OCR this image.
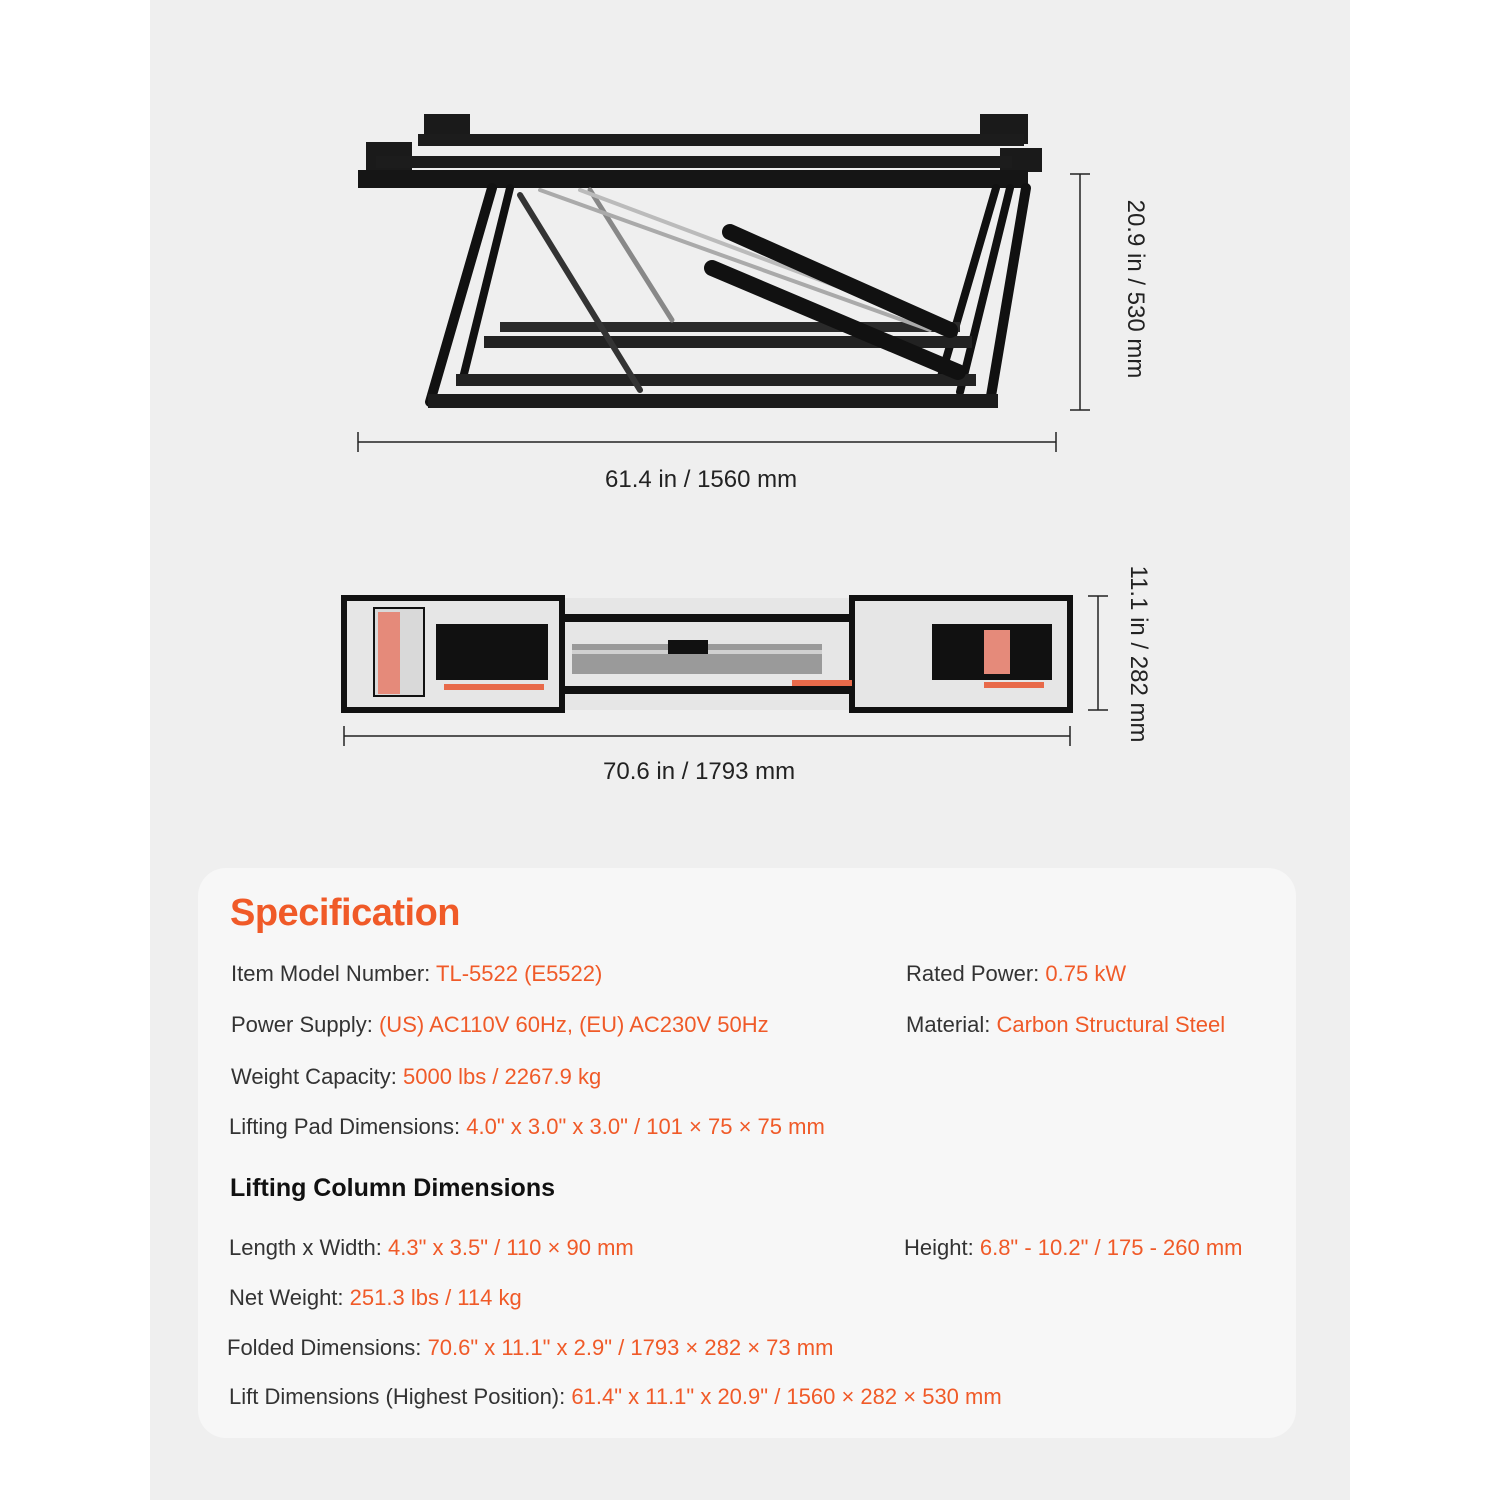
20.9 in / 530 mm
61.4 in / 1560 mm
11.1 in / 282 mm
70.6 in / 1793 mm
Specification
Item Model Number: TL-5522 (E5522)	Rated Power: 0.75 kW
Power Supply: (US) AC110V 60Hz, (EU) AC230V 50Hz	Material: Carbon Structural Steel
Weight Capacity: 5000 lbs / 2267.9 kg
Lifting Pad Dimensions: 4.0" x 3.0" x 3.0" / 101 × 75 × 75 mm
Lifting Column Dimensions
Length x Width: 4.3" x 3.5" / 110 × 90 mm	Height: 6.8" - 10.2" / 175 - 260 mm
Net Weight: 251.3 lbs / 114 kg
Folded Dimensions: 70.6" x 11.1" x 2.9" / 1793 × 282 × 73 mm
Lift Dimensions (Highest Position): 61.4" x 11.1" x 20.9" / 1560 × 282 × 530 mm
